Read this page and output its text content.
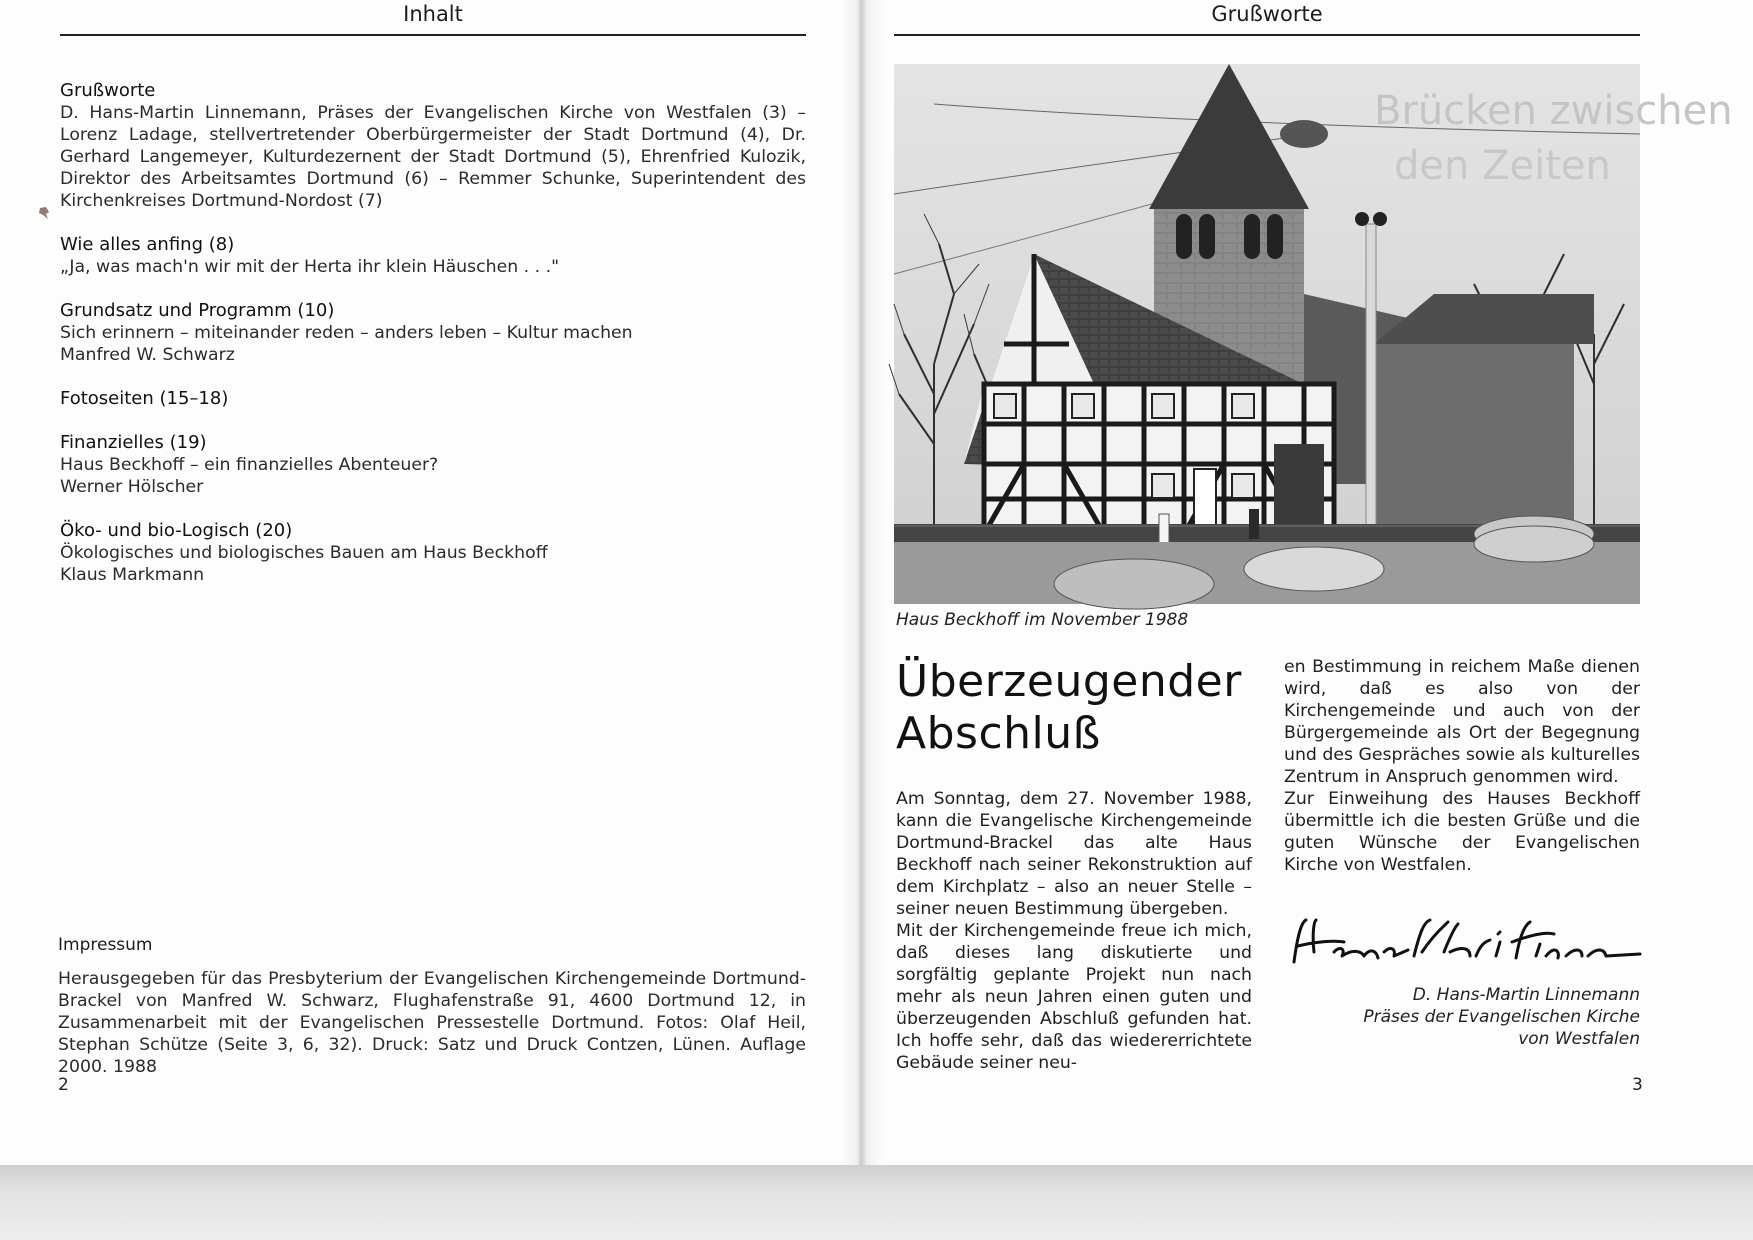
Inhalt
Grußworte
D. Hans-Martin Linnemann, Präses der Evangelischen Kirche von Westfalen (3) – Lorenz Ladage, stellvertretender Oberbürgermeister der Stadt Dortmund (4), Dr. Gerhard Langemeyer, Kulturdezernent der Stadt Dortmund (5), Ehrenfried Kulozik, Direktor des Arbeitsamtes Dortmund (6) – Remmer Schunke, Superintendent des Kirchenkreises Dortmund-Nordost (7)
Wie alles anfing (8)
„Ja, was mach'n wir mit der Herta ihr klein Häuschen . . ."
Grundsatz und Programm (10)
Sich erinnern – miteinander reden – anders leben – Kultur machen
Manfred W. Schwarz
Fotoseiten (15–18)
Finanzielles (19)
Haus Beckhoff – ein finanzielles Abenteuer?
Werner Hölscher
Öko- und bio-Logisch (20)
Ökologisches und biologisches Bauen am Haus Beckhoff
Klaus Markmann
Impressum
Herausgegeben für das Presbyterium der Evangelischen Kirchengemeinde Dortmund-Brackel von Manfred W. Schwarz, Flughafenstraße 91, 4600 Dortmund 12, in Zusammenarbeit mit der Evangelischen Pressestelle Dortmund. Fotos: Olaf Heil, Stephan Schütze (Seite 3, 6, 32). Druck: Satz und Druck Contzen, Lünen. Auflage 2000. 1988
2
Grußworte
Brücken zwischen
den Zeiten
Haus Beckhoff im November 1988
Überzeugender Abschluß

Am Sonntag, dem 27. November 1988, kann die Evangelische Kirchengemeinde Dortmund-Brackel das alte Haus Beckhoff nach seiner Rekonstruktion auf dem Kirchplatz – also an neuer Stelle – seiner neuen Bestimmung übergeben.

Mit der Kirchengemeinde freue ich mich, daß dieses lang diskutierte und sorgfältig geplante Projekt nun nach mehr als neun Jahren einen guten und überzeugenden Abschluß gefunden hat. Ich hoffe sehr, daß das wiedererrichtete Gebäude seiner neu-

en Bestimmung in reichem Maße dienen wird, daß es also von der Kirchengemeinde und auch von der Bürgergemeinde als Ort der Begegnung und des Gespräches sowie als kulturelles Zentrum in Anspruch genommen wird.

Zur Einweihung des Hauses Beckhoff übermittle ich die besten Grüße und die guten Wünsche der Evangelischen Kirche von Westfalen.

D. Hans-Martin Linnemann
Präses der Evangelischen Kirche
von Westfalen
3
